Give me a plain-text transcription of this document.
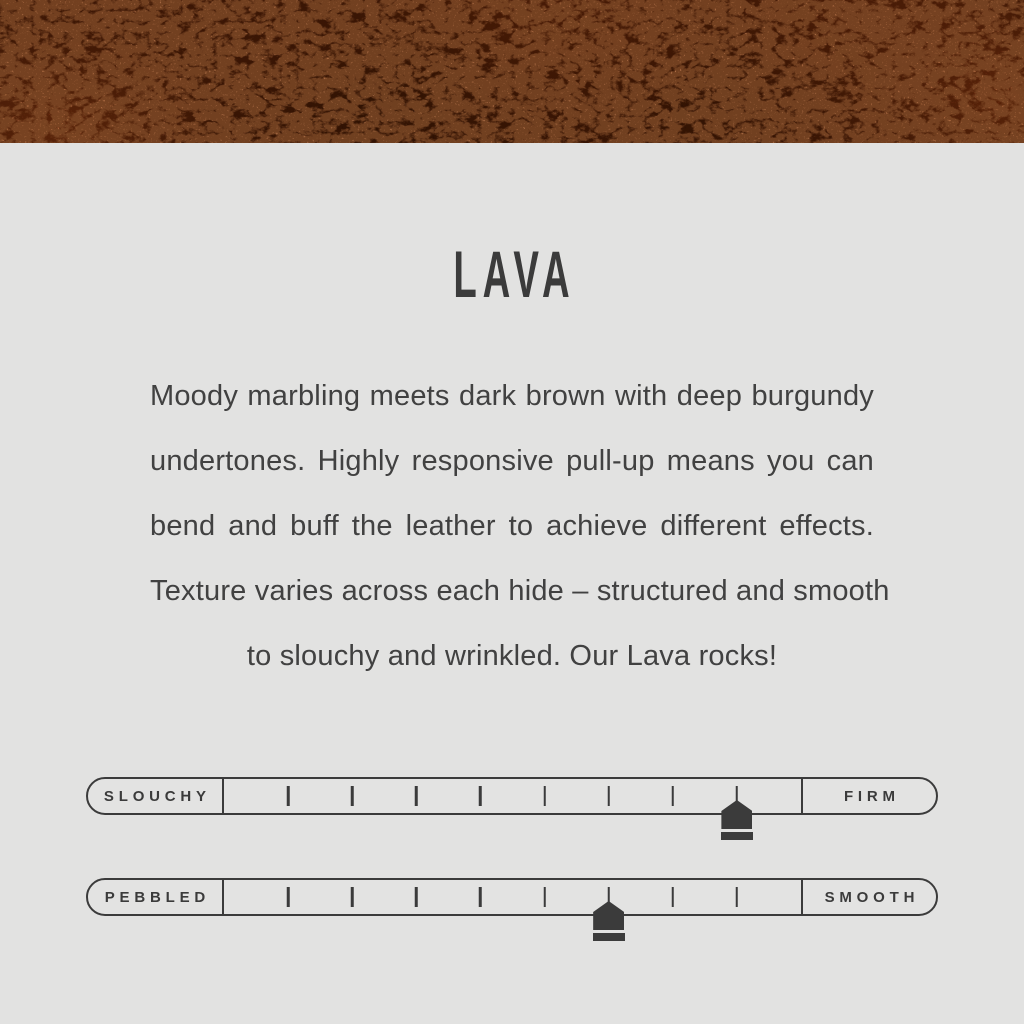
LAVA
Moody marbling meets dark brown with deep burgundy
undertones. Highly responsive pull-up means you can
bend and buff the leather to achieve different effects.
Texture varies across each hide – structured and smooth
to slouchy and wrinkled. Our Lava rocks!
SLOUCHY	FIRM
PEBBLED	SMOOTH
